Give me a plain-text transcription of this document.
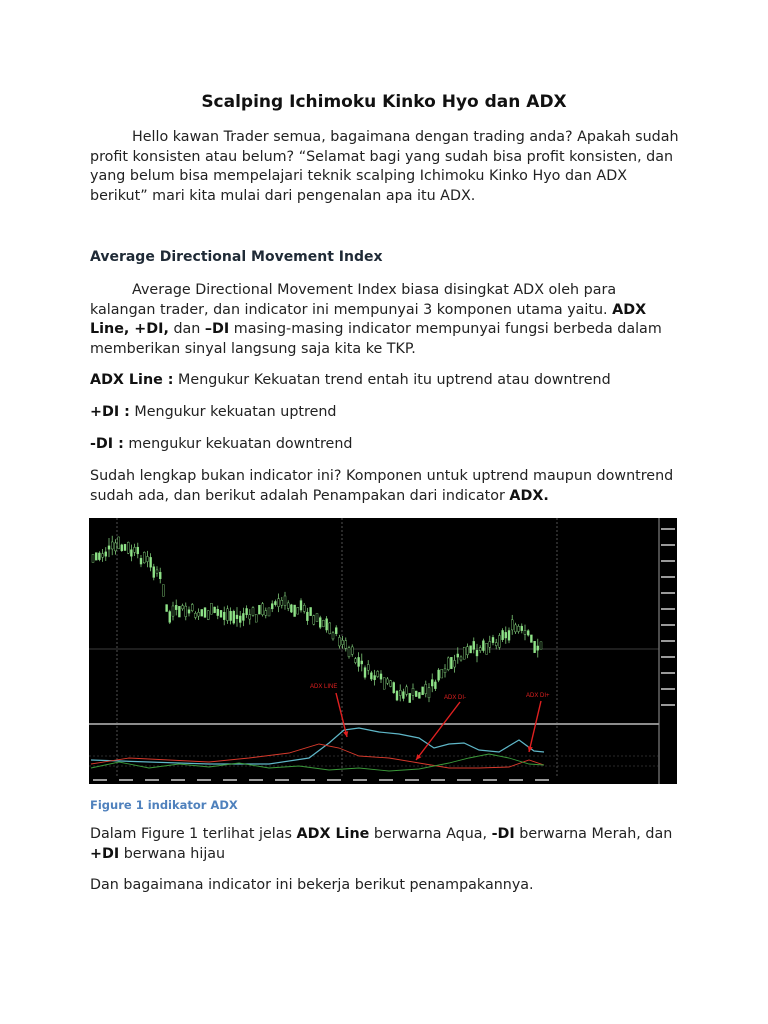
Scalping Ichimoku Kinko Hyo dan ADX

Hello kawan Trader semua, bagaimana dengan trading anda? Apakah sudah profit konsisten atau belum? “Selamat bagi yang sudah bisa profit konsisten, dan yang belum bisa mempelajari teknik scalping Ichimoku Kinko Hyo dan ADX berikut” mari kita mulai dari pengenalan apa itu ADX.

Average Directional Movement Index

Average Directional Movement Index biasa disingkat ADX oleh para kalangan trader, dan indicator ini mempunyai 3 komponen utama yaitu. ADX Line, +DI, dan –DI masing-masing indicator mempunyai fungsi berbeda dalam memberikan sinyal langsung saja kita ke TKP.

ADX Line : Mengukur Kekuatan trend entah itu uptrend atau downtrend

+DI : Mengukur kekuatan uptrend

-DI : mengukur kekuatan downtrend

Sudah lengkap bukan indicator ini? Komponen untuk uptrend maupun downtrend sudah ada, dan berikut adalah Penampakan dari indicator ADX.

ADX LINE
ADX DI-	ADX DI+
Figure 1 indikator ADX

Dalam Figure 1 terlihat jelas ADX Line berwarna Aqua, -DI berwarna Merah, dan +DI berwana hijau

Dan bagaimana indicator ini bekerja berikut penampakannya.
